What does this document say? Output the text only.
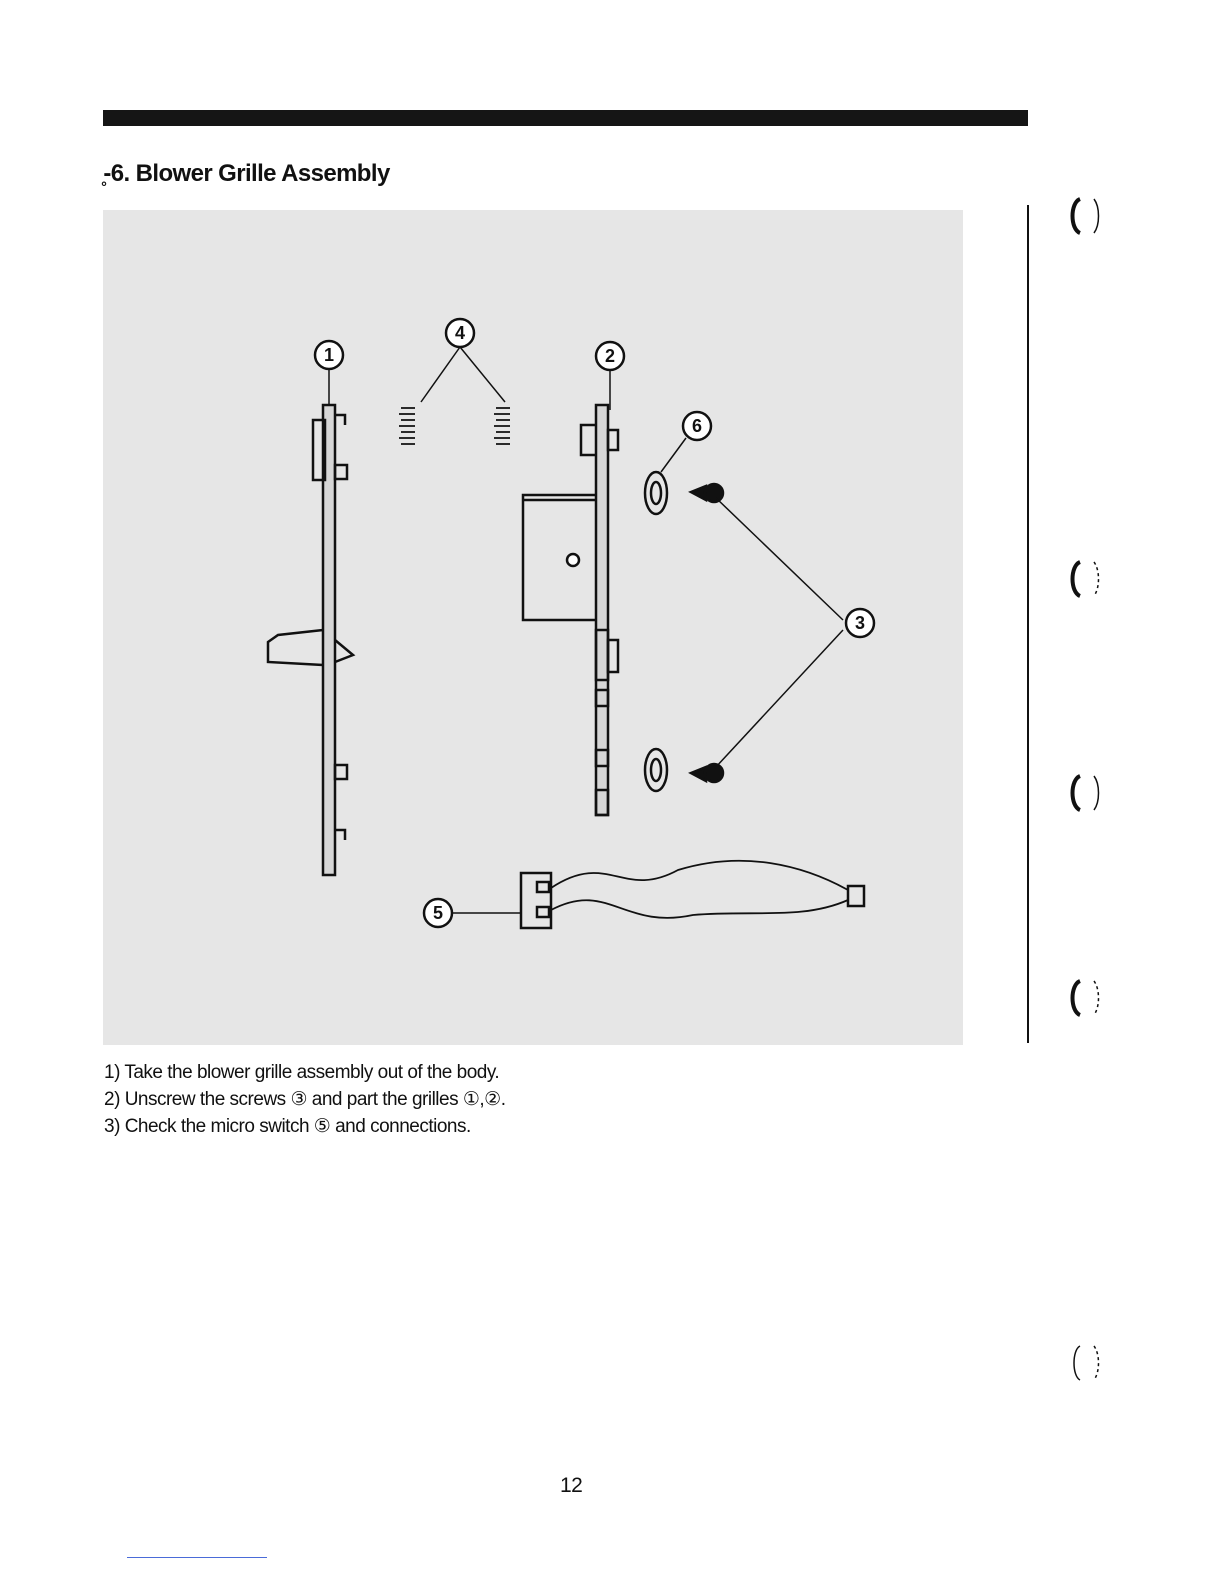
̥-6. Blower Grille Assembly
1
4
2
6
3
5
1) Take the blower grille assembly out of the body.
2) Unscrew the screws ③ and part the grilles ①,②.
3) Check the micro switch ⑤ and connections.
12
